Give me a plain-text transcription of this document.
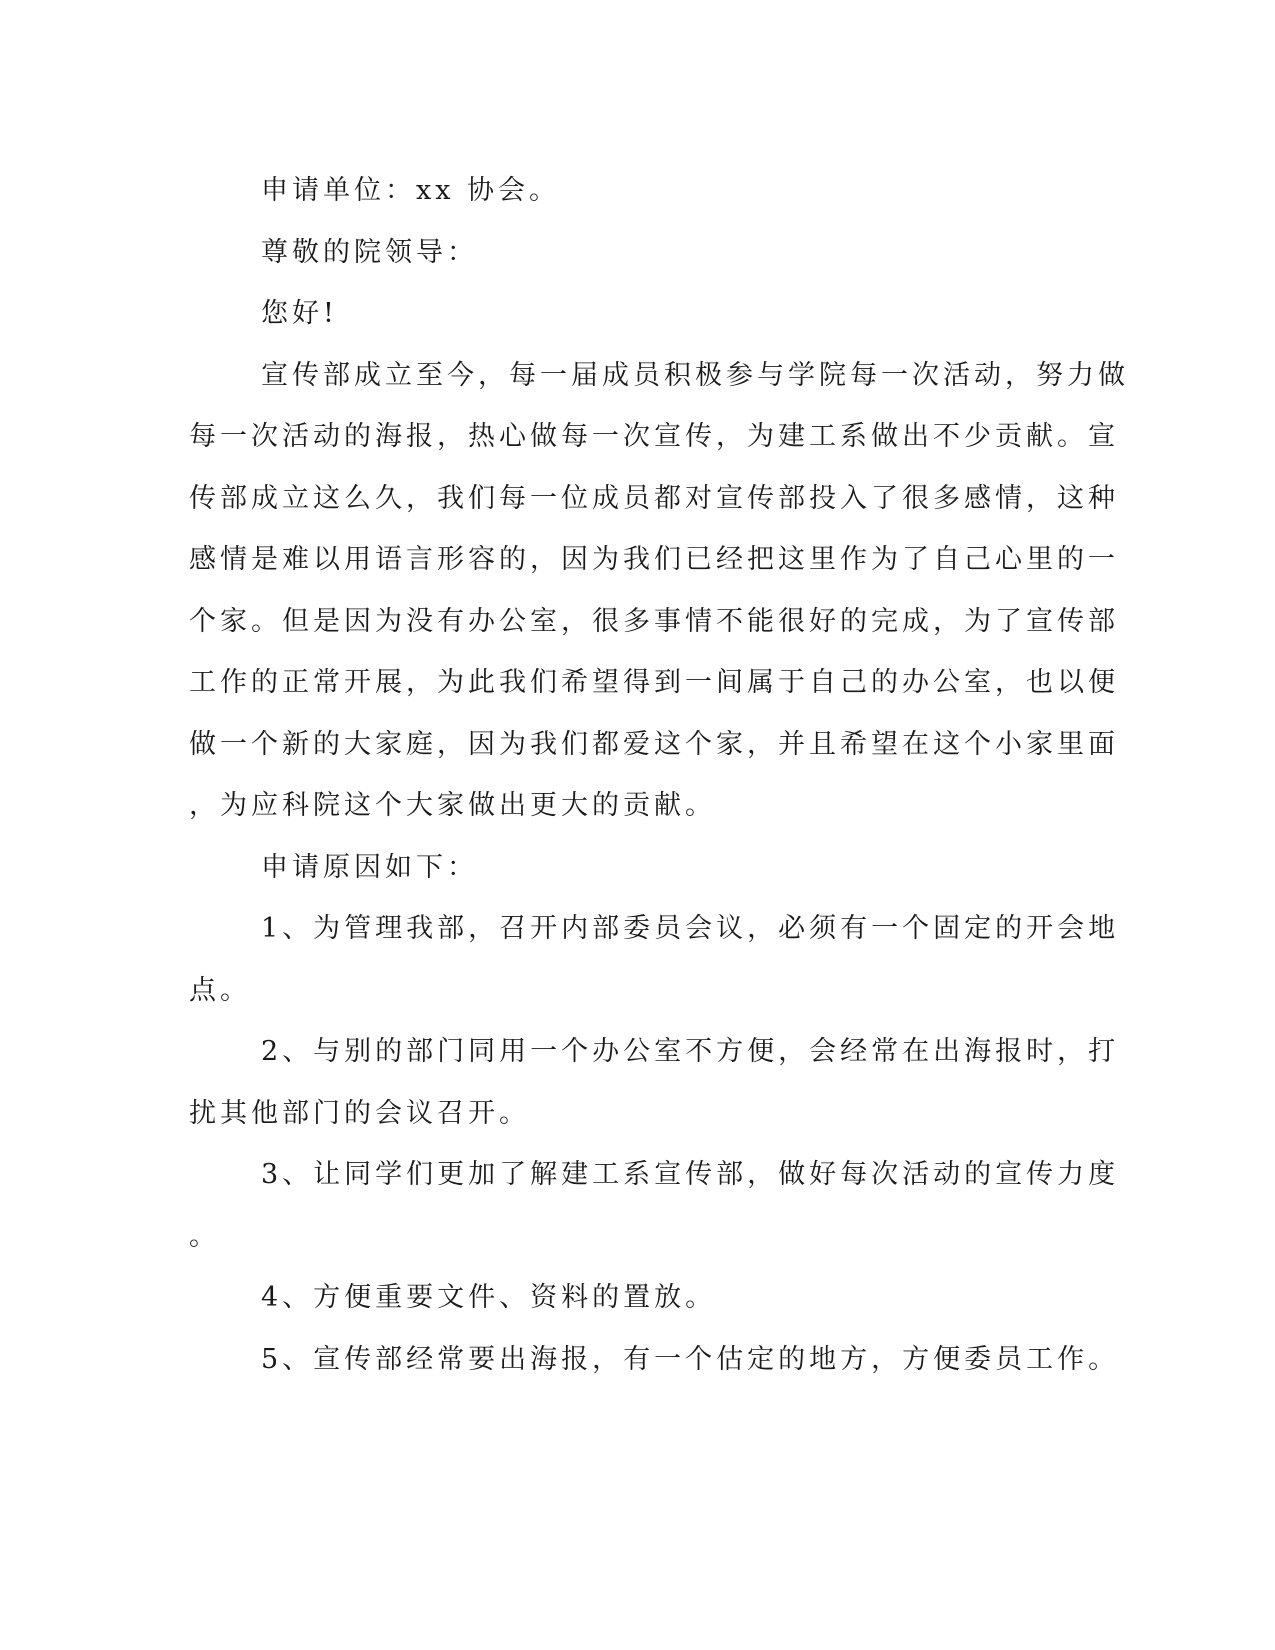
申请单位：xx 协会。
尊敬的院领导：
您好!
宣传部成立至今，每一届成员积极参与学院每一次活动，努力做
每一次活动的海报，热心做每一次宣传，为建工系做出不少贡献。宣
传部成立这么久，我们每一位成员都对宣传部投入了很多感情，这种
感情是难以用语言形容的，因为我们已经把这里作为了自己心里的一
个家。但是因为没有办公室，很多事情不能很好的完成，为了宣传部
工作的正常开展，为此我们希望得到一间属于自己的办公室，也以便
做一个新的大家庭，因为我们都爱这个家，并且希望在这个小家里面
，为应科院这个大家做出更大的贡献。
申请原因如下：
1、为管理我部，召开内部委员会议，必须有一个固定的开会地
点。
2、与别的部门同用一个办公室不方便，会经常在出海报时，打
扰其他部门的会议召开。
3、让同学们更加了解建工系宣传部，做好每次活动的宣传力度
。
4、方便重要文件、资料的置放。
5、宣传部经常要出海报，有一个估定的地方，方便委员工作。
